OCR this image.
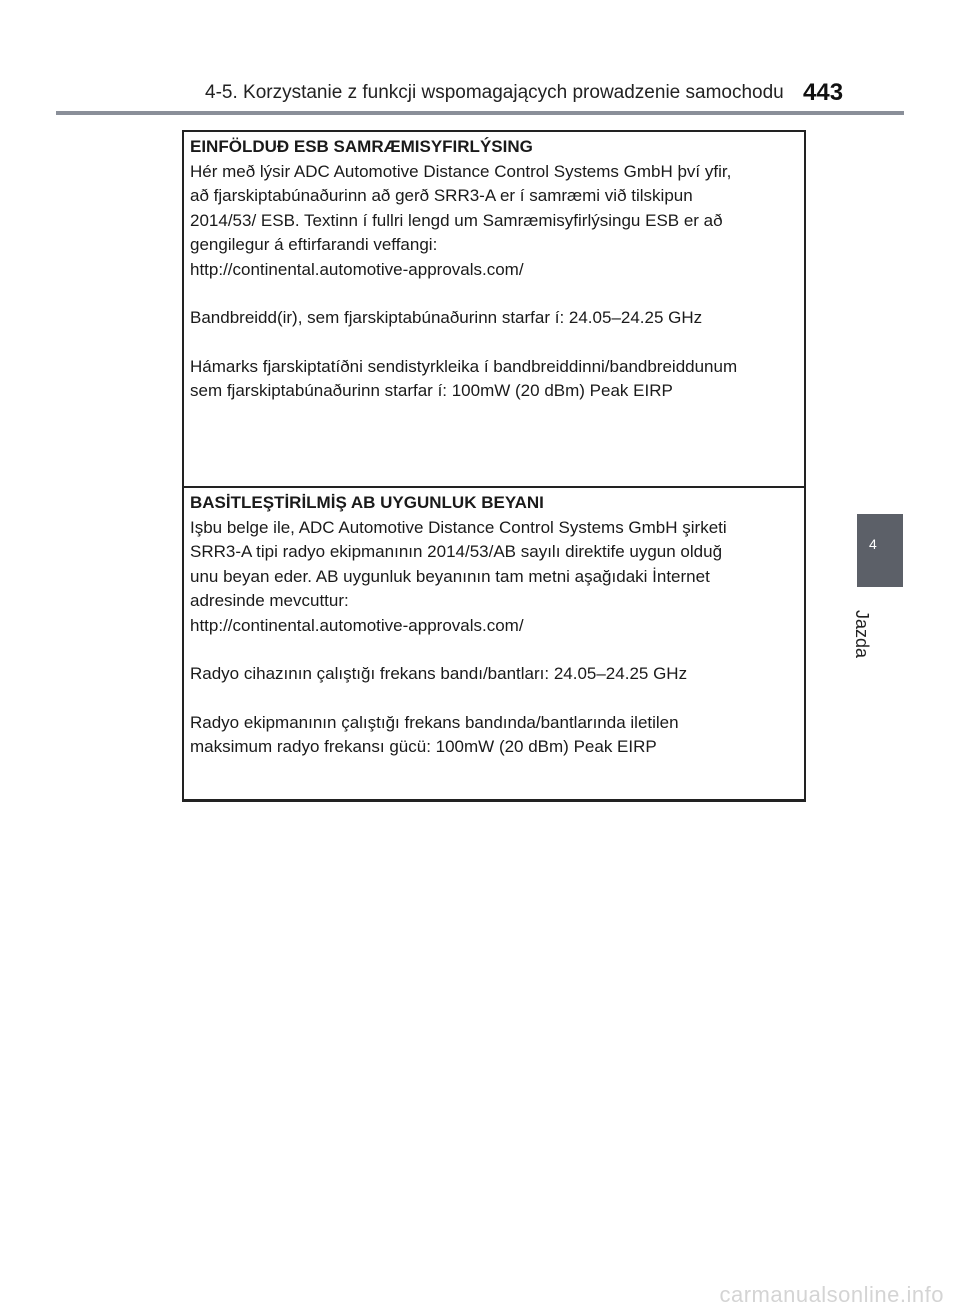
4-5. Korzystanie z funkcji wspomagających prowadzenie samochodu 443

EINFÖLDUÐ ESB SAMRÆMISYFIRLÝSING

Hér með lýsir ADC Automotive Distance Control Systems GmbH því yfir,

að fjarskiptabúnaðurinn að gerð SRR3-A er í samræmi við tilskipun

2014/53/ ESB. Textinn í fullri lengd um Samræmisyfirlýsingu ESB er að

gengilegur á eftirfarandi veffangi:

http://continental.automotive-approvals.com/

Bandbreidd(ir), sem fjarskiptabúnaðurinn starfar í: 24.05–24.25 GHz

Hámarks fjarskiptatíðni sendistyrkleika í bandbreiddinni/bandbreiddunum

sem fjarskiptabúnaðurinn starfar í: 100mW (20 dBm) Peak EIRP

BASİTLEŞTİRİLMİŞ AB UYGUNLUK BEYANI

Işbu belge ile, ADC Automotive Distance Control Systems GmbH şirketi

SRR3-A tipi radyo ekipmanının 2014/53/AB sayılı direktife uygun olduğ

unu beyan eder. AB uygunluk beyanının tam metni aşağıdaki İnternet

adresinde mevcuttur:

http://continental.automotive-approvals.com/

Radyo cihazının çalıştığı frekans bandı/bantları: 24.05–24.25 GHz

Radyo ekipmanının çalıştığı frekans bandında/bantlarında iletilen

maksimum radyo frekansı gücü: 100mW (20 dBm) Peak EIRP

4
Jazda
carmanualsonline.info
